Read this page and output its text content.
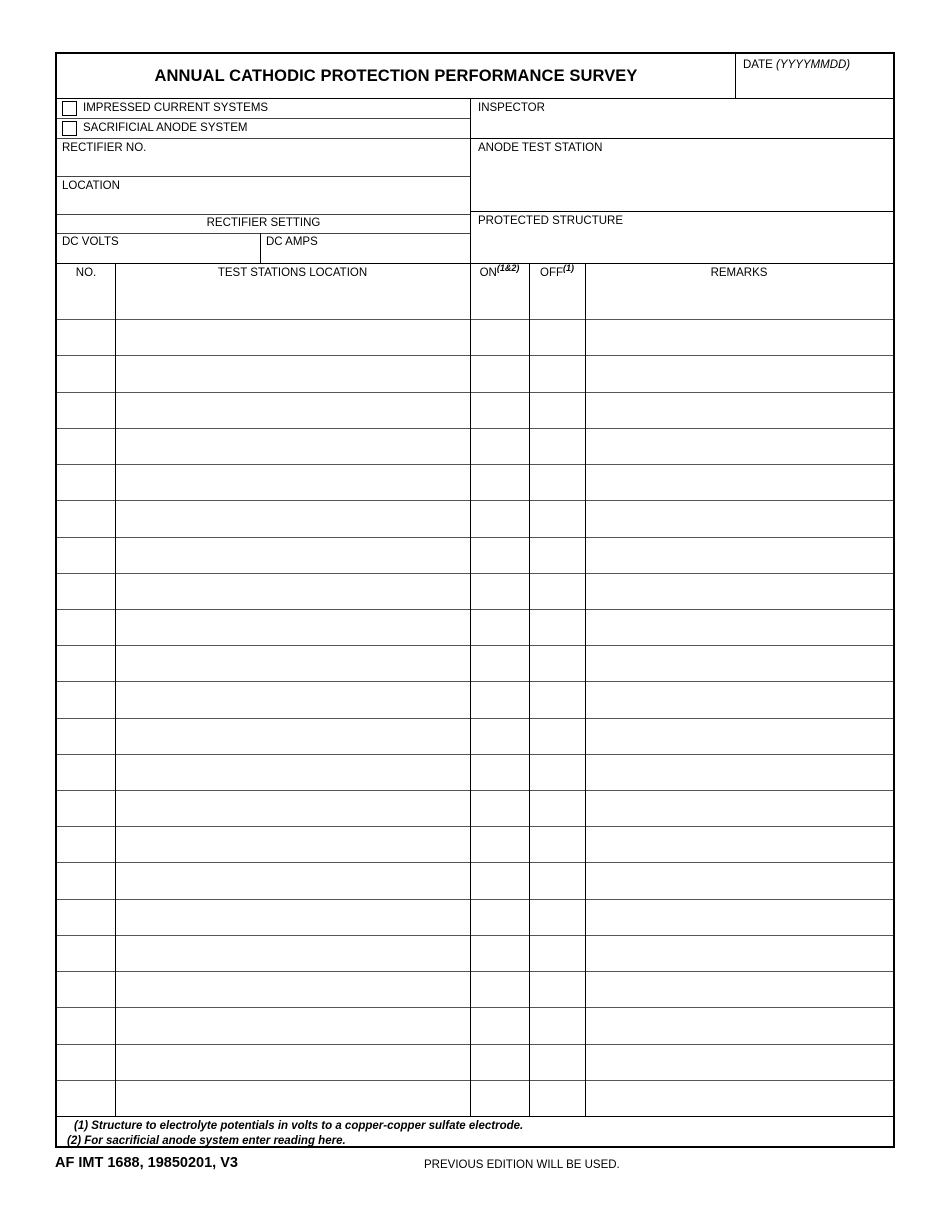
ANNUAL CATHODIC PROTECTION PERFORMANCE SURVEY
DATE (YYYYMMDD)
IMPRESSED CURRENT SYSTEMS
SACRIFICIAL ANODE SYSTEM
INSPECTOR
RECTIFIER NO.	ANODE TEST STATION
LOCATION
RECTIFIER SETTING
DC VOLTS	DC AMPS
PROTECTED STRUCTURE
NO.	TEST STATIONS LOCATION	$ON^{(1\&2)}$	OFF$^{(1)}$	REMARKS
(1) Structure to electrolyte potentials in volts to a copper-copper sulfate electrode.
(2) For sacrificial anode system enter reading here.
AF IMT 1688, 19850201, V3	PREVIOUS EDITION WILL BE USED.
